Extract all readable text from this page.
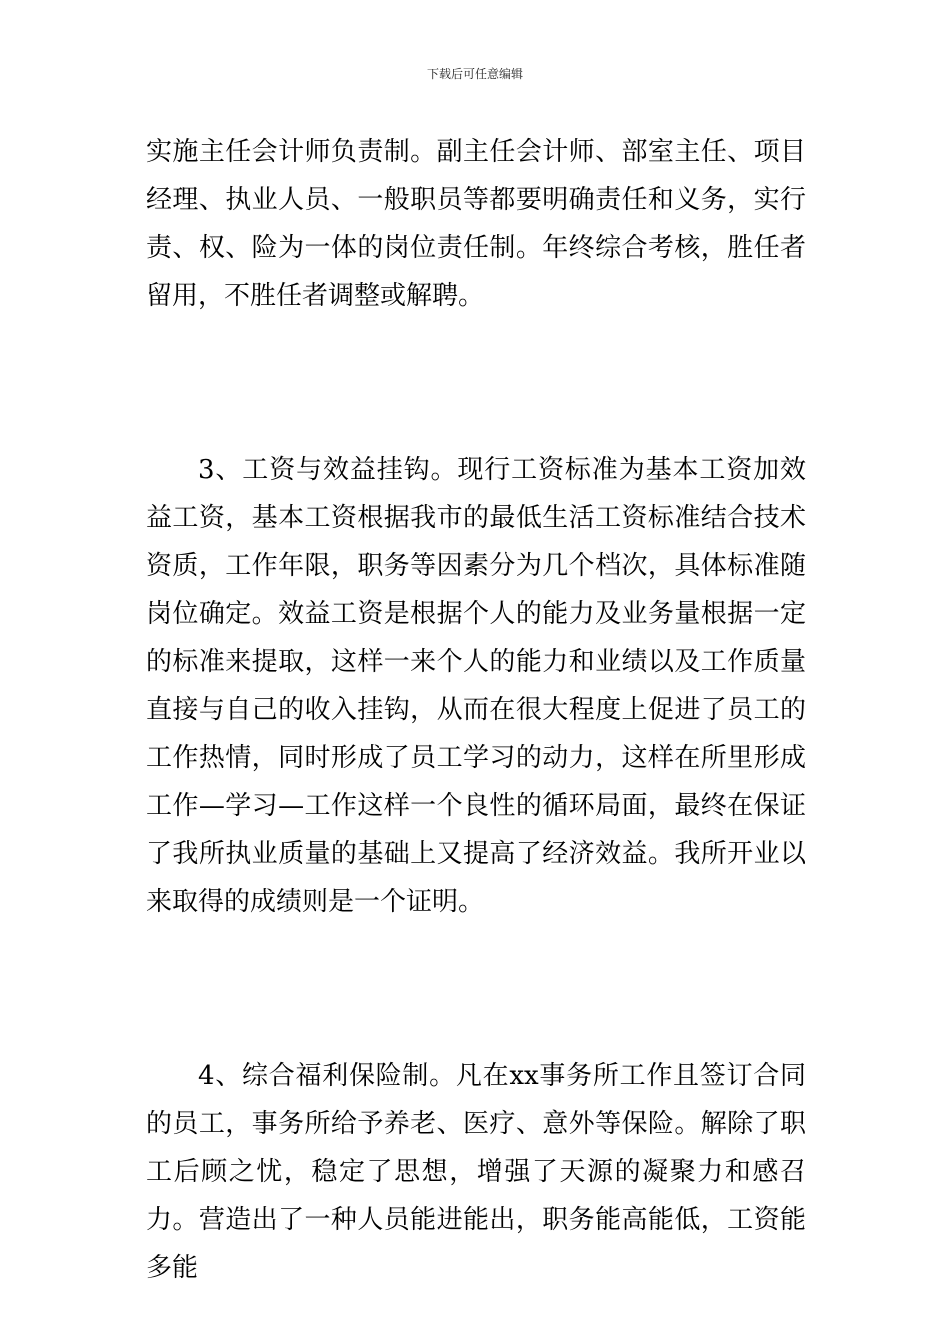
下载后可任意编辑

实施主任会计师负责制。副主任会计师、部室主任、项目经理、执业人员、一般职员等都要明确责任和义务，实行责、权、险为一体的岗位责任制。年终综合考核，胜任者留用，不胜任者调整或解聘。

3、工资与效益挂钩。现行工资标准为基本工资加效益工资，基本工资根据我市的最低生活工资标准结合技术资质，工作年限，职务等因素分为几个档次，具体标准随岗位确定。效益工资是根据个人的能力及业务量根据一定的标准来提取，这样一来个人的能力和业绩以及工作质量直接与自己的收入挂钩，从而在很大程度上促进了员工的工作热情，同时形成了员工学习的动力，这样在所里形成工作—学习—工作这样一个良性的循环局面，最终在保证了我所执业质量的基础上又提高了经济效益。我所开业以来取得的成绩则是一个证明。

4、综合福利保险制。凡在xx事务所工作且签订合同的员工，事务所给予养老、医疗、意外等保险。解除了职工后顾之忧，稳定了思想，增强了天源的凝聚力和感召力。营造出了一种人员能进能出，职务能高能低，工资能多能
